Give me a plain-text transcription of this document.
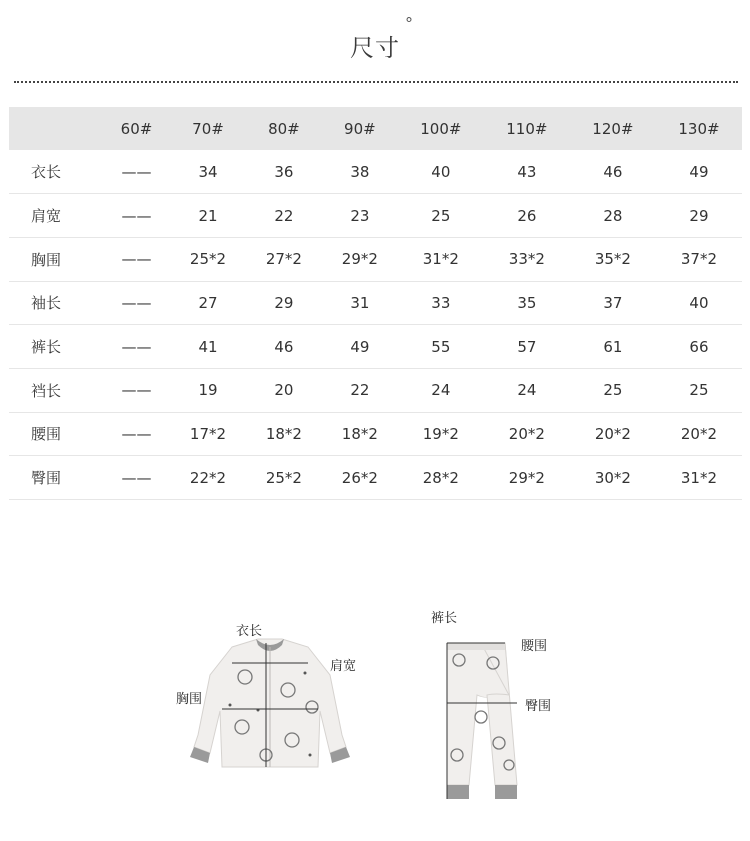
尺寸
°
	60#	70#	80#	90#	100#	110#	120#	130#
衣长	——	34	36	38	40	43	46	49
肩宽	——	21	22	23	25	26	28	29
胸围	——	25*2	27*2	29*2	31*2	33*2	35*2	37*2
袖长	——	27	29	31	33	35	37	40
裤长	——	41	46	49	55	57	61	66
裆长	——	19	20	22	24	24	25	25
腰围	——	17*2	18*2	18*2	19*2	20*2	20*2	20*2
臀围	——	22*2	25*2	26*2	28*2	29*2	30*2	31*2
衣长
肩宽
胸围
裤长
腰围
臀围
